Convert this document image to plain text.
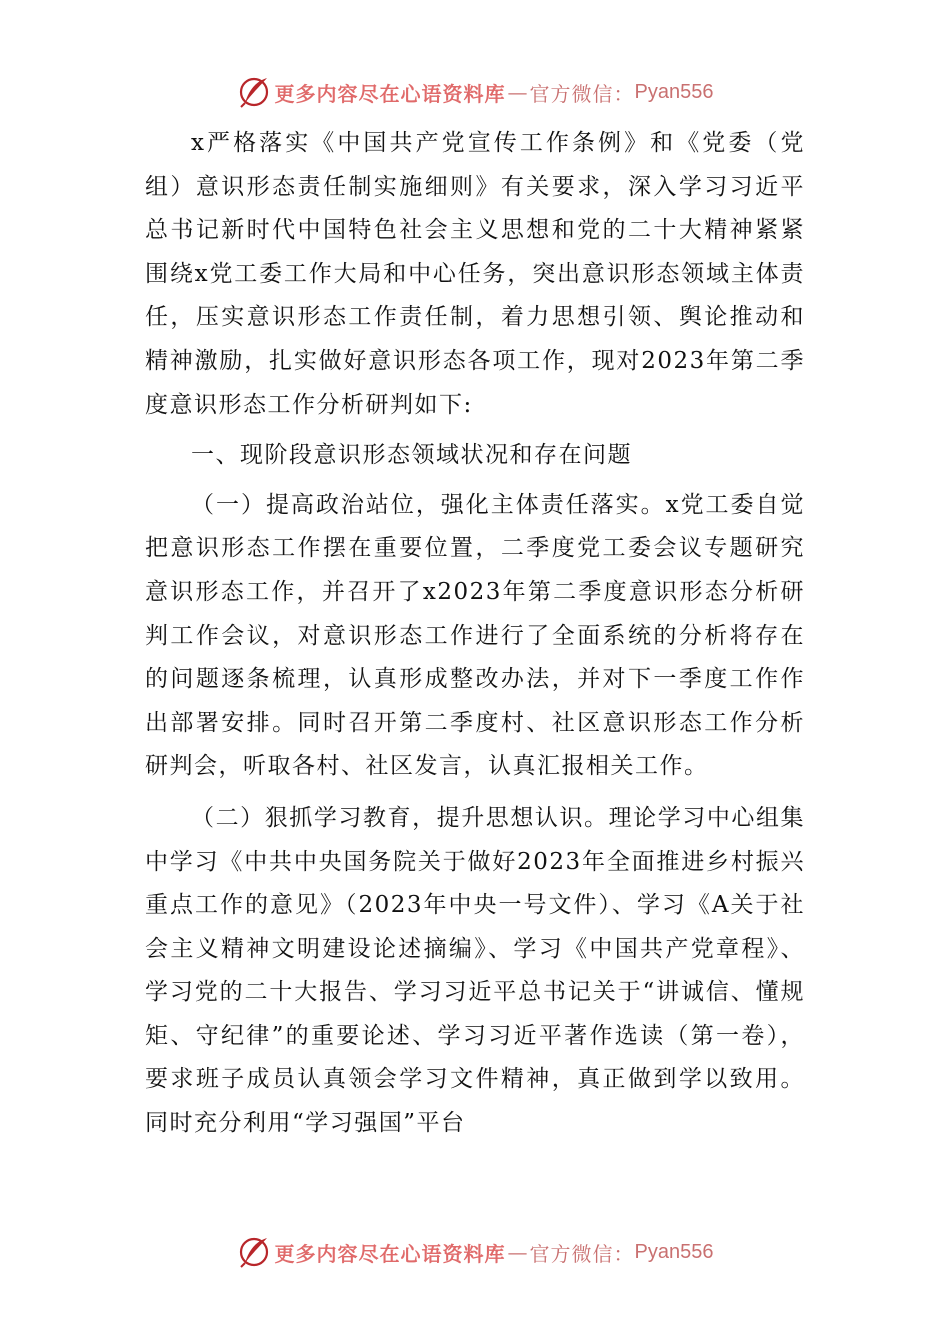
更多内容尽在心语资料库 — 官方微信： Pyan556

x严格落实《中国共产党宣传工作条例》和《党委（党组）意识形态责任制实施细则》有关要求，深入学习习近平总书记新时代中国特色社会主义思想和党的二十大精神紧紧围绕x党工委工作大局和中心任务，突出意识形态领域主体责任，压实意识形态工作责任制，着力思想引领、舆论推动和精神激励，扎实做好意识形态各项工作，现对2023年第二季度意识形态工作分析研判如下:

一、现阶段意识形态领域状况和存在问题

（一）提高政治站位，强化主体责任落实。x党工委自觉把意识形态工作摆在重要位置，二季度党工委会议专题研究意识形态工作，并召开了x2023年第二季度意识形态分析研判工作会议，对意识形态工作进行了全面系统的分析将存在的问题逐条梳理，认真形成整改办法，并对下一季度工作作出部署安排。同时召开第二季度村、社区意识形态工作分析研判会，听取各村、社区发言，认真汇报相关工作。

（二）狠抓学习教育，提升思想认识。理论学习中心组集中学习《中共中央国务院关于做好2023年全面推进乡村振兴重点工作的意见》（2023年中央一号文件）、学习《A关于社会主义精神文明建设论述摘编》、学习《中国共产党章程》、学习党的二十大报告、学习习近平总书记关于“讲诚信、懂规矩、守纪律”的重要论述、学习习近平著作选读（第一卷），要求班子成员认真领会学习文件精神，真正做到学以致用。同时充分利用“学习强国”平台

更多内容尽在心语资料库 — 官方微信： Pyan556
